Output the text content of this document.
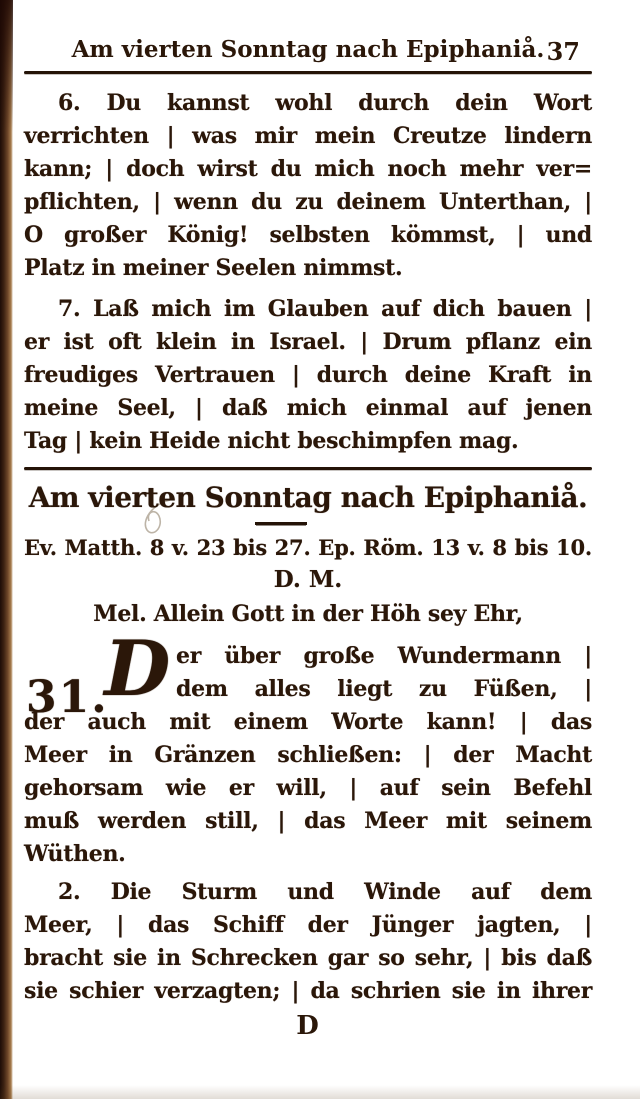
Am vierten Sonntag nach Epiphaniå. 37
6. Du kannst wohl durch dein Wort
verrichten | was mir mein Creutze lindern
kann; | doch wirst du mich noch mehr ver=
pflichten, | wenn du zu deinem Unterthan, |
O großer König! selbsten kömmst, | und
Platz in meiner Seelen nimmst.
7. Laß mich im Glauben auf dich bauen |
er ist oft klein in Israel. | Drum pflanz ein
freudiges Vertrauen | durch deine Kraft in
meine Seel, | daß mich einmal auf jenen
Tag | kein Heide nicht beschimpfen mag.
Am vierten Sonntag nach Epiphaniå.
Ev. Matth. 8 v. 23 bis 27. Ep. Röm. 13 v. 8 bis 10.
D. M.
Mel. Allein Gott in der Höh sey Ehr,
31.
D er über große Wundermann |
dem alles liegt zu Füßen, |
der auch mit einem Worte kann! | das
Meer in Gränzen schließen: | der Macht
gehorsam wie er will, | auf sein Befehl
muß werden still, | das Meer mit seinem
Wüthen.
2. Die Sturm und Winde auf dem
Meer, | das Schiff der Jünger jagten, |
bracht sie in Schrecken gar so sehr, | bis daß
sie schier verzagten; | da schrien sie in ihrer
D
